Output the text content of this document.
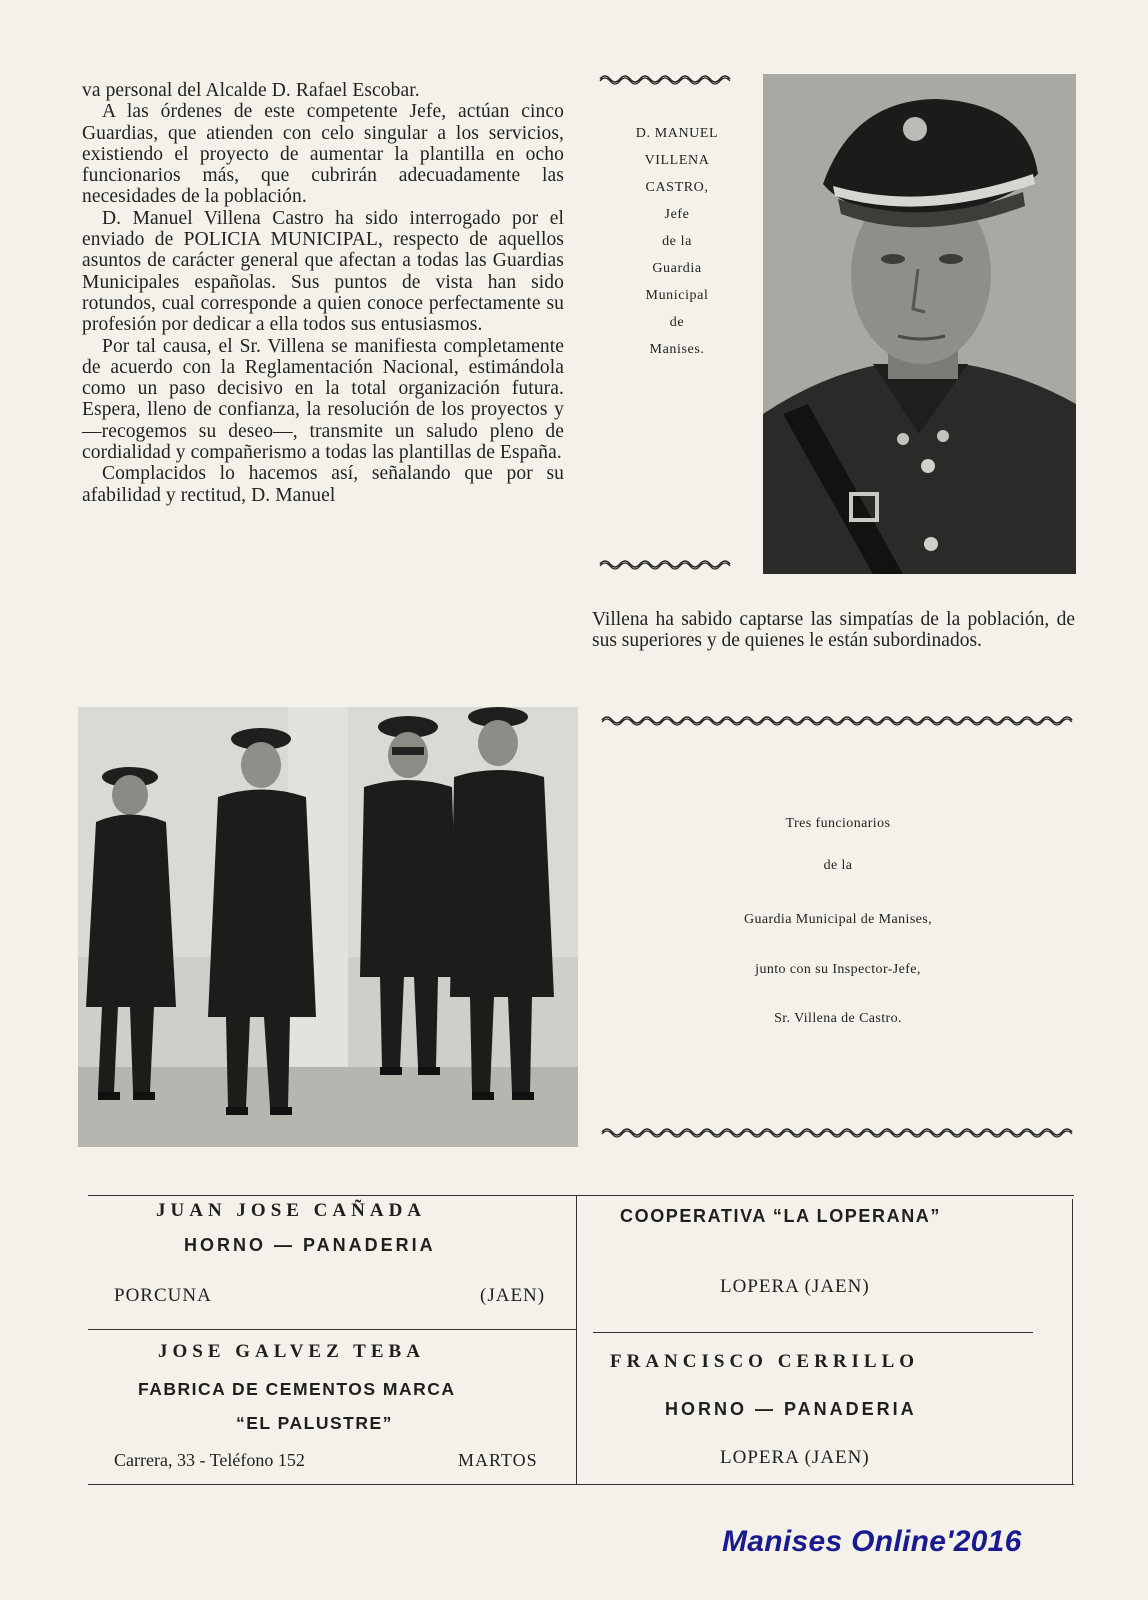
va personal del Alcalde D. Rafael Escobar.

A las órdenes de este competente Jefe, actúan cinco Guardias, que atienden con celo singular a los servicios, existiendo el proyecto de aumentar la plantilla en ocho funcionarios más, que cubrirán adecuadamente las necesidades de la población.

D. Manuel Villena Castro ha sido interrogado por el enviado de POLICIA MUNICIPAL, respecto de aquellos asuntos de carácter general que afectan a todas las Guardias Municipales españolas. Sus puntos de vista han sido rotundos, cual corresponde a quien conoce perfectamente su profesión por dedicar a ella todos sus entusiasmos.

Por tal causa, el Sr. Villena se manifiesta completamente de acuerdo con la Reglamentación Nacional, estimándola como un paso decisivo en la total organización futura. Espera, lleno de confianza, la resolución de los proyectos y —recogemos su deseo—, transmite un saludo pleno de cordialidad y compañerismo a todas las plantillas de España.

Complacidos lo hacemos así, señalando que por su afabilidad y rectitud, D. Manuel

D. MANUEL
VILLENA
CASTRO,
Jefe
de la
Guardia
Municipal
de
Manises.

Villena ha sabido captarse las simpatías de la población, de sus superiores y de quienes le están subordinados.

Tres funcionarios
de la
Guardia Municipal de Manises,
junto con su Inspector-Jefe,
Sr. Villena de Castro.
JUAN JOSE CAÑADA
HORNO — PANADERIA
PORCUNA	(JAEN)
JOSE GALVEZ TEBA
FABRICA DE CEMENTOS MARCA
“EL PALUSTRE”
Carrera, 33 - Teléfono 152	MARTOS
COOPERATIVA “LA LOPERANA”
LOPERA (JAEN)
FRANCISCO CERRILLO
HORNO — PANADERIA
LOPERA (JAEN)
Manises Online'2016
